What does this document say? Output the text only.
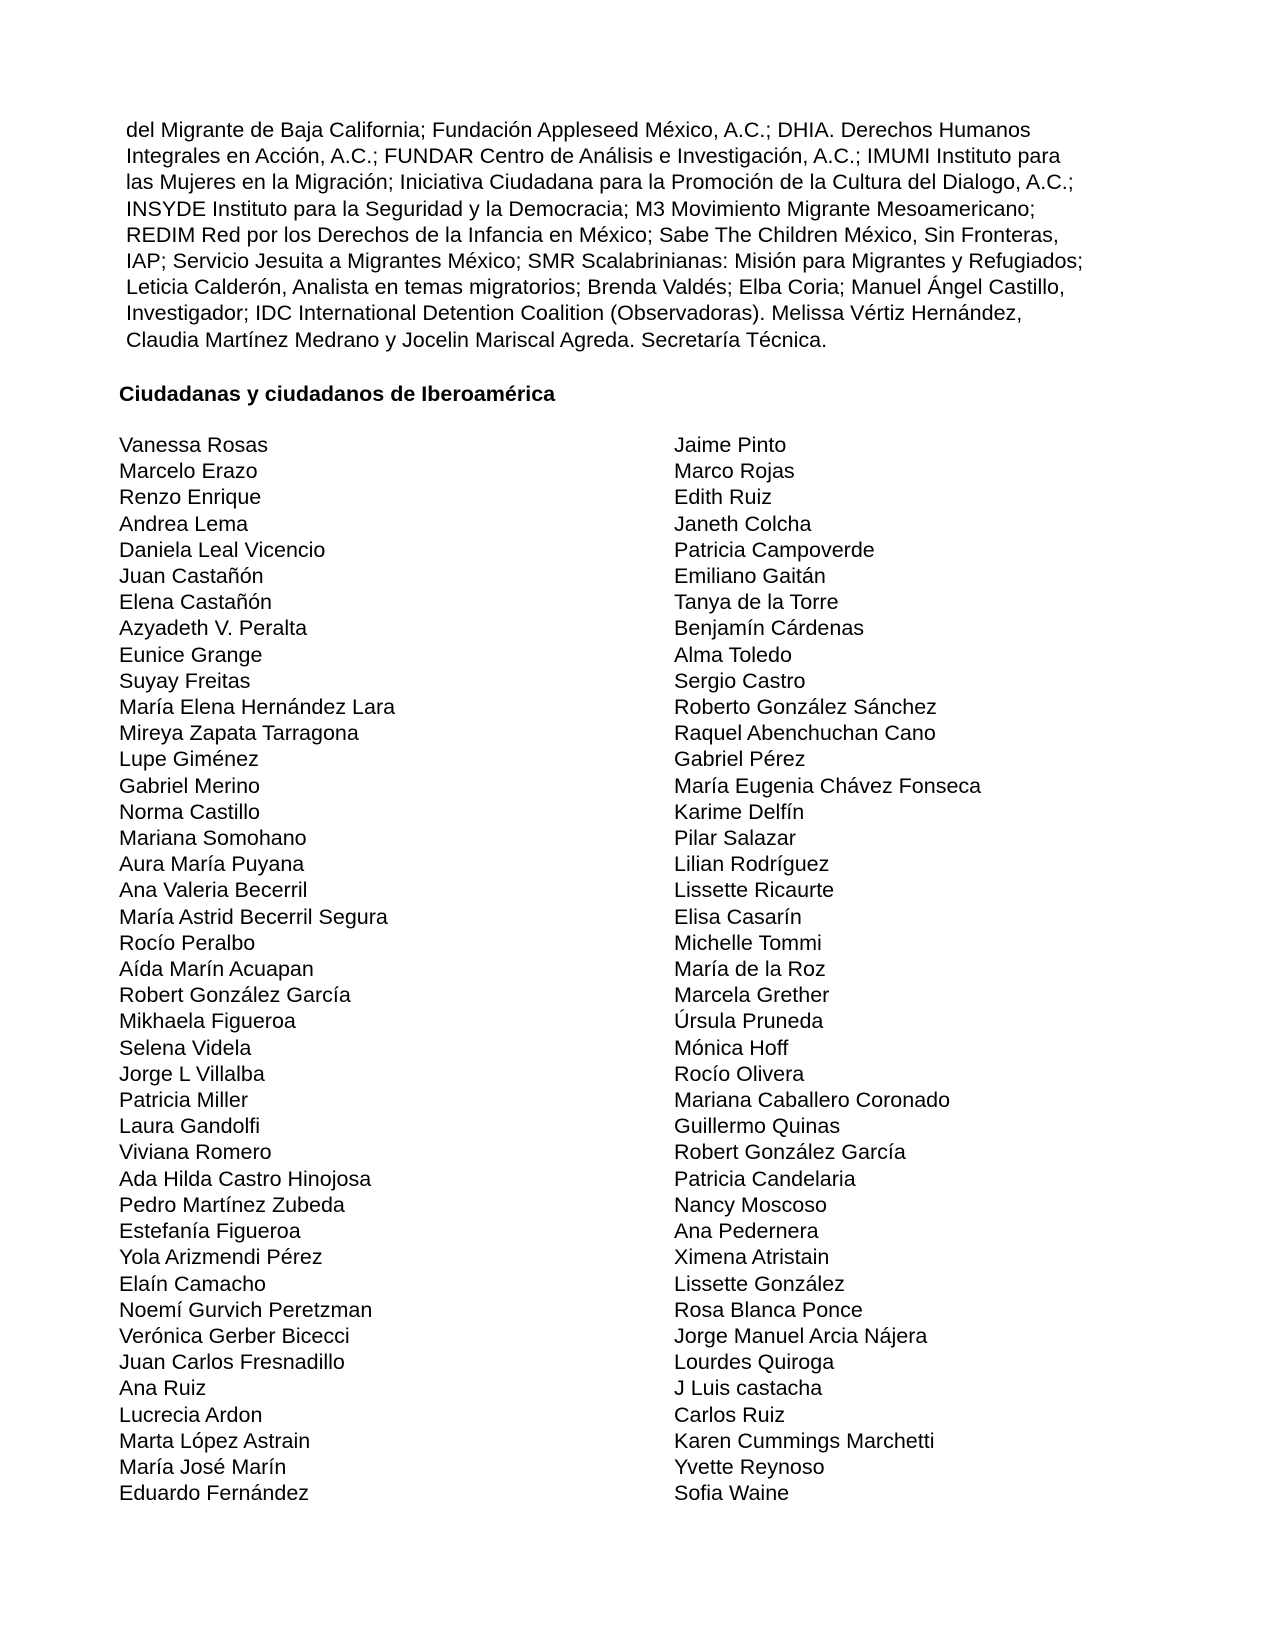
del Migrante de Baja California; Fundación Appleseed México, A.C.; DHIA. Derechos Humanos
Integrales en Acción, A.C.; FUNDAR Centro de Análisis e Investigación, A.C.; IMUMI Instituto para
las Mujeres en la Migración; Iniciativa Ciudadana para la Promoción de la Cultura del Dialogo, A.C.;
INSYDE Instituto para la Seguridad y la Democracia; M3 Movimiento Migrante Mesoamericano;
REDIM Red por los Derechos de la Infancia en México; Sabe The Children México, Sin Fronteras,
IAP; Servicio Jesuita a Migrantes México; SMR Scalabrinianas: Misión para Migrantes y Refugiados;
Leticia Calderón, Analista en temas migratorios; Brenda Valdés; Elba Coria; Manuel Ángel Castillo,
Investigador; IDC International Detention Coalition (Observadoras). Melissa Vértiz Hernández,
Claudia Martínez Medrano y Jocelin Mariscal Agreda. Secretaría Técnica.

Ciudadanas y ciudadanos de Iberoamérica
Vanessa Rosas
Marcelo Erazo
Renzo Enrique
Andrea Lema
Daniela Leal Vicencio
Juan Castañón
Elena Castañón
Azyadeth V. Peralta
Eunice Grange
Suyay Freitas
María Elena Hernández Lara
Mireya Zapata Tarragona
Lupe Giménez
Gabriel Merino
Norma Castillo
Mariana Somohano
Aura María Puyana
Ana Valeria Becerril
María Astrid Becerril Segura
Rocío Peralbo
Aída Marín Acuapan
Robert González García
Mikhaela Figueroa
Selena Videla
Jorge L Villalba
Patricia Miller
Laura Gandolfi
Viviana Romero
Ada Hilda Castro Hinojosa
Pedro Martínez Zubeda
Estefanía Figueroa
Yola Arizmendi Pérez
Elaín Camacho
Noemí Gurvich Peretzman
Verónica Gerber Bicecci
Juan Carlos Fresnadillo
Ana Ruiz
Lucrecia Ardon
Marta López Astrain
María José Marín
Eduardo Fernández
Jaime Pinto
Marco Rojas
Edith Ruiz
Janeth Colcha
Patricia Campoverde
Emiliano Gaitán
Tanya de la Torre
Benjamín Cárdenas
Alma Toledo
Sergio Castro
Roberto González Sánchez
Raquel Abenchuchan Cano
Gabriel Pérez
María Eugenia Chávez Fonseca
Karime Delfín
Pilar Salazar
Lilian Rodríguez
Lissette Ricaurte
Elisa Casarín
Michelle Tommi
María de la Roz
Marcela Grether
Úrsula Pruneda
Mónica Hoff
Rocío Olivera
Mariana Caballero Coronado
Guillermo Quinas
Robert González García
Patricia Candelaria
Nancy Moscoso
Ana Pedernera
Ximena Atristain
Lissette González
Rosa Blanca Ponce
Jorge Manuel Arcia Nájera
Lourdes Quiroga
J Luis castacha
Carlos Ruiz
Karen Cummings Marchetti
Yvette Reynoso
Sofia Waine
